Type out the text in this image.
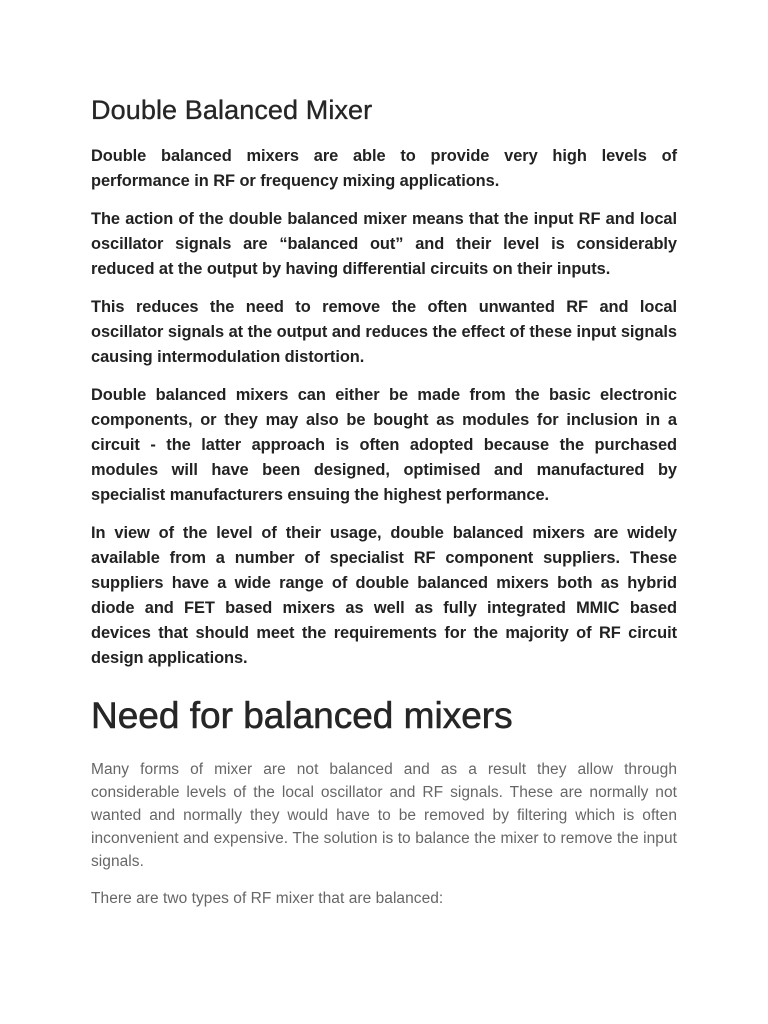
Double Balanced Mixer

Double balanced mixers are able to provide very high levels of performance in RF or frequency mixing applications.

The action of the double balanced mixer means that the input RF and local oscillator signals are “balanced out” and their level is considerably reduced at the output by having differential circuits on their inputs.

This reduces the need to remove the often unwanted RF and local oscillator signals at the output and reduces the effect of these input signals causing intermodulation distortion.

Double balanced mixers can either be made from the basic electronic components, or they may also be bought as modules for inclusion in a circuit - the latter approach is often adopted because the purchased modules will have been designed, optimised and manufactured by specialist manufacturers ensuing the highest performance.

In view of the level of their usage, double balanced mixers are widely available from a number of specialist RF component suppliers. These suppliers have a wide range of double balanced mixers both as hybrid diode and FET based mixers as well as fully integrated MMIC based devices that should meet the requirements for the majority of RF circuit design applications.

Need for balanced mixers

Many forms of mixer are not balanced and as a result they allow through considerable levels of the local oscillator and RF signals. These are normally not wanted and normally they would have to be removed by filtering which is often inconvenient and expensive. The solution is to balance the mixer to remove the input signals.

There are two types of RF mixer that are balanced:
